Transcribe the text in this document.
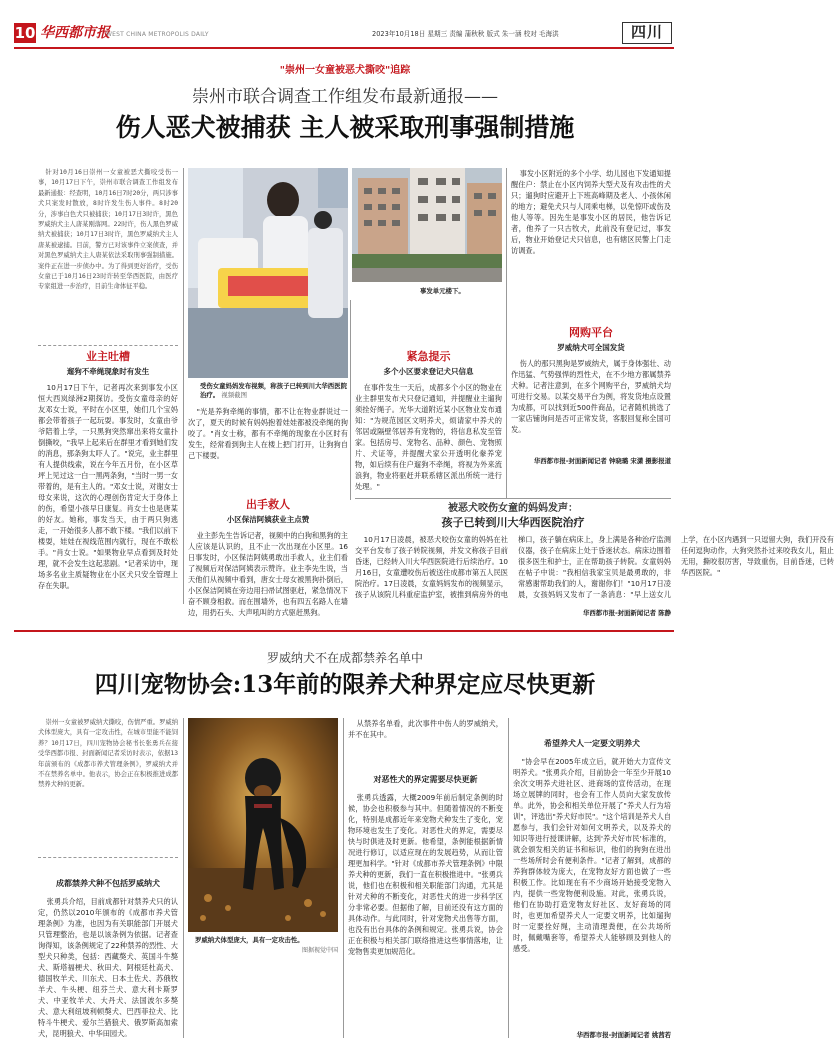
10 华西都市报
WEST CHINA METROPOLIS DAILY	2023年10月18日 星期三 责编 蒲秋秋 版式 朱一涵 校对 毛海洪	四川
"崇州一女童被恶犬撕咬"追踪
崇州市联合调查工作组发布最新通报——
伤人恶犬被捕获 主人被采取刑事强制措施
针对10月16日崇州一女童被恶犬撕咬受伤一事，10月17日下午，崇州市联合调查工作组发布最新通报：经查明，10月16日7时20分，两只涉事犬只案发时散放，8时许发生伤人事件。8时20分，涉事白色犬只被捕获；10月17日3时许，黑色罗威纳犬主人唐某刚落网。22时许，伤人黑色罗威纳犬被捕获；10月17日3时许，黑色罗威纳犬主人唐某被逮捕。目前，警方已对该事件立案侦查，并对黑色罗威纳犬主人唐某依法采取刑事强制措施。案件正在进一步侦办中。为了得到更好治疗，受伤女童已于10月16日23时许转至华西医院，由医疗专家组进一步治疗，目前生命体征平稳。
业主吐槽
遛狗不牵绳现象时有发生
10月17日下午，记者再次来到事发小区恒大西岚绿洲2期探访。受伤女童母亲的好友邓女士说，平时在小区里，她们几个宝妈都会带着孩子一起玩耍。事发时，女童由爷爷陪着上学，一只黑狗突然窜出来将女童扑倒撕咬，"我早上起来后在群里才看到她们发的消息，那条狗太吓人了。"说完，业主群里有人提供线索，说在今年五月份，在小区草坪上见过这一白一黑两条狗，"当时一男一女带着的，是有主人的。"邓女士说，对谢女士母女来说，这次的心理创伤肯定大于身体上的伤，希望小孩早日康复。肖女士也是唐某的好友。她称，事发当天，由于两只狗逃走，一开始很多人都不敢下楼。"我们以前下楼耍，娃娃在视线范围内就行，现在不敢松手。"肖女士说。"如果物业早点看到及时处理，就不会发生这起悲剧。"记者采访中，现场多名业主质疑物业在小区犬只安全管理上存在失职。
受伤女童妈妈发布视频，称孩子已转到川大华西医院治疗。 视频截图
事发单元楼下。
"光是养狗牵绳的事情，都不让在物业群说过一次了，夏天的时候有妈妈抱着娃娃都被没牵绳的狗咬了。"肖女士称，都有不牵绳的现象在小区时有发生，经常看到狗主人在楼上把门打开，让狗狗自己下楼耍。
出手救人
小区保洁阿姨获业主点赞
业主彭先生告诉记者，视频中的白狗和黑狗的主人应该是认识的，且不止一次出现在小区里。16日事发时，小区保洁阿姨勇敢出手救人，业主们看了视频后对保洁阿姨表示赞许。业主李先生说，当天他们从视频中看到，唐女士母女被黑狗扑倒后，小区保洁阿姨在旁边用扫帚试图驱赶，紧急情况下奋不顾身相救。而在围墙外，也有四五名路人在墙边，用扔石头、大声吼叫的方式驱赶黑狗。
紧急提示
多个小区要求登记犬只信息
在事件发生一天后，成都多个小区的物业在业主群里发布犬只登记通知，并提醒业主遛狗须拴好绳子。光华大道附近某小区物业发布通知："为规范园区文明养犬，烦请家中养犬的邻居或隔壁邻居养有宠物的，将信息私发至管家。包括房号、宠物名、品种、颜色、宠物照片、犬证等，并提醒犬家公开透明化豢养宠物，如后续有住户遛狗不牵绳，将视为外来流浪狗，物业将驱赶并联系辖区派出所统一进行处理。"
事发小区附近的多个小学、幼儿园也下发通知提醒住户：禁止在小区内饲养大型犬及有攻击性的犬只；遛狗时应避开上下班高峰期及老人、小孩休闲的地方；避免犬只与人同乘电梯，以免惊吓或伤及他人等等。因先生是事发小区的居民，他告诉记者，他养了一只古牧犬，此前没有登记过，事发后，物业开始登记犬只信息，也有辖区民警上门走访调查。
网购平台
罗威纳犬可全国发货
伤人的那只黑狗是罗威纳犬，属于身体强壮、动作迅猛、气势强悍的烈性犬，在不少地方都属禁养犬种。记者注意到，在多个网购平台，罗威纳犬均可进行交易。以某交易平台为例，将发货地点设置为成都，可以找到近500件商品，记者随机挑选了一家店铺询问是否可正常发货，客服回复称全国可发。
华西都市报-封面新闻记者 钟晓璐 宋潇 摄影报道
被恶犬咬伤女童的妈妈发声：
孩子已转到川大华西医院治疗
10月17日凌晨，被恶犬咬伤女童的妈妈在社交平台发布了孩子转院视频，并发文称孩子目前昏迷，已经转入川大华西医院进行后续治疗。10月16日，女童遭咬伤后被送往成都市第五人民医院治疗。17日凌晨，女童妈妈发布的视频显示，孩子从该院儿科重症监护室，被推到病房外的电梯口，孩子躺在病床上，身上满是各种治疗监测仪器，孩子在病床上处于昏迷状态。病床边围着很多医生和护士，正在帮助孩子转院。女童妈妈在帖子中说："我相信我家宝贝是最勇敢的，非常感谢帮助我们的人，谢谢你们！"10月17日凌晨，女孩妈妈又发布了一条消息："早上送女儿上学，在小区内遇到一只逗留大狗，我们开没有任何逗狗动作，大狗突然扑过来咬我女儿，阻止无用，撕咬很厉害，导致重伤，目前昏迷，已转华西医院。"
华西都市报-封面新闻记者 陈静
罗威纳犬不在成都禁养名单中
四川宠物协会:13年前的限养犬种界定应尽快更新
崇州一女童被罗威纳犬撕咬，伤情严重。罗威纳犬体型庞大，具有一定攻击性，在城市里能不能饲养？10月17日，四川宠物协会秘书长张勇兵在接受华西都市报、封面新闻记者采访时表示，依据13年前颁布的《成都市养犬管理条例》，罗威纳犬并不在禁养名单中。他表示，协会正在积极推进成都禁养犬种的更新。
成都禁养犬种不包括罗威纳犬
张勇兵介绍，目前成都针对禁养犬只的认定，仍然以2010年颁布的《成都市养犬管理条例》为准，也因为有关职能部门开展犬只管理整治，也是以该条例为依据。记者查询得知，该条例规定了22种禁养的烈性、大型犬只种类，包括：西藏獒犬、英国斗牛獒犬、斯塔福梗犬、秋田犬、阿根廷杜高犬、德国牧羊犬、川东犬、日本土佐犬、苏俄牧羊犬、牛头梗、纽芬兰犬、意大利卡斯罗犬、中亚牧羊犬、大丹犬、法国波尔多獒犬、意大利纽坡利顿獒犬、巴西菲拉犬、比特斗牛梗犬、爱尔兰猎狼犬、俄罗斯高加索犬，昆明狼犬、中华田园犬。
罗威纳犬体型庞大，具有一定攻击性。
图据视觉中国
从禁养名单看，此次事件中伤人的罗威纳犬，并不在其中。
对恶性犬的界定需要尽快更新
张勇兵透露，大概2009年前后制定条例的时候，协会也积极参与其中。但随着情况的不断变化，特别是成都近年来宠物犬种发生了变化，宠物环境也发生了变化。对恶性犬的界定，需要尽快与时俱进及时更新。他希望，条例能根据新情况进行修订，以适应现在的发展趋势，从而让管理更加科学。"针对《成都市养犬管理条例》中限养犬种的更新，我们一直在积极推进中。"张勇兵说，他们也在积极和相关职能部门沟通，尤其是针对犬种的不断变化，对恶性犬的进一步科学区分非常必要。但据他了解，目前还没有这方面的具体动作。与此同时，针对宠物犬出售等方面，也没有出台具体的条例和规定。张勇兵说，协会正在积极与相关部门联络推进这些事情落地，让宠物售卖更加规范化。
希望养犬人一定要文明养犬
"协会早在2005年成立后，就开始大力宣传文明养犬。"张勇兵介绍，目前协会一年至少开展10余次文明养犬进社区、进商场的宣传活动，在现场立展牌的同时，也会有工作人员向大家发放传单。此外，协会和相关单位开展了"养犬人行为培训"，评选出"养犬好市民"。"这个培训是养犬人自愿参与，我们会针对如何文明养犬，以及养犬的知识等进行授课讲解，达到'养犬好市民'标准的，就会颁发相关的证书和标识，他们的狗狗在进出一些场所时会有便利条件。"记者了解到，成都的养狗群体较为庞大，在宠物友好方面也做了一些积极工作。比如现在有不少商场开始接受宠物入内，提供一些宠物便利设施。对此，张勇兵说，他们在协助打造宠物友好社区、友好商场的同时，也更加希望养犬人一定要文明养，比如遛狗时一定要拴好绳，主动清理粪便，在公共场所时，佩戴嘴套等，希望养犬人能够顾及到他人的感受。
华西都市报-封面新闻记者 姚茜若
